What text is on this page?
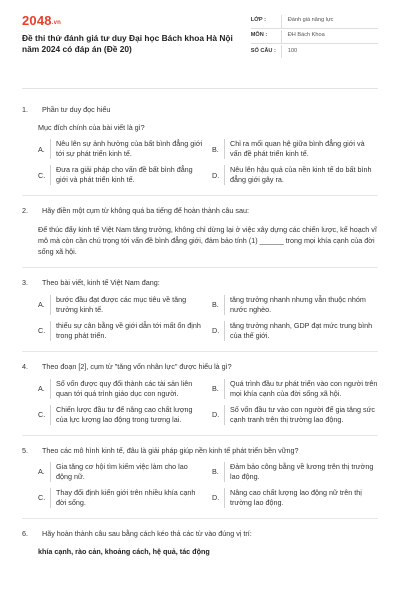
2048.vn
Đề thi thử đánh giá tư duy Đại học Bách khoa Hà Nội năm 2024 có đáp án (Đề 20)
LỚP :	Đánh giá năng lực
MÔN :	ĐH Bách Khoa
SỐ CÂU :	100
1.	Phần tư duy đọc hiểu
Mục đích chính của bài viết là gì?
A.
Nêu lên sự ảnh hưởng của bất bình đẳng giới tới sự phát triển kinh tế.
B.
Chỉ ra mối quan hệ giữa bình đẳng giới và vấn đề phát triển kinh tế.
C.
Đưa ra giải pháp cho vấn đề bất bình đẳng giới và phát triển kinh tế.
D.
Nêu lên hậu quả của nền kinh tế do bất bình đẳng giới gây ra.
2.	Hãy điền một cụm từ không quá ba tiếng để hoàn thành câu sau:
Để thúc đẩy kinh tế Việt Nam tăng trưởng, không chỉ dừng lại ở việc xây dựng các chiến lược, kế hoạch vĩ mô mà còn cần chú trọng tới vấn đề bình đẳng giới, đảm bảo tính (1) ______ trong mọi khía cạnh của đời sống xã hội.
3.	Theo bài viết, kinh tế Việt Nam đang:
A.
bước đầu đạt được các mục tiêu về tăng trưởng kinh tế.
B.
tăng trưởng nhanh nhưng vẫn thuộc nhóm nước nghèo.
C.
thiếu sự cân bằng về giới dẫn tới mất ổn định trong phát triển.
D.
tăng trưởng nhanh, GDP đạt mức trung bình của thế giới.
4.	Theo đoạn [2], cụm từ "tăng vốn nhân lực" được hiểu là gì?
A.
Số vốn được quy đổi thành các tài sản liên quan tới quá trình giáo dục con người.
B.
Quá trình đầu tư phát triển vào con người trên mọi khía cạnh của đời sống xã hội.
C.
Chiến lược đầu tư để nâng cao chất lượng của lực lượng lao động trong tương lai.
D.
Số vốn đầu tư vào con người để gia tăng sức cạnh tranh trên thị trường lao động.
5.	Theo các mô hình kinh tế, đâu là giải pháp giúp nền kinh tế phát triển bền vững?
A.
Gia tăng cơ hội tìm kiếm việc làm cho lao động nữ.
B.
Đảm bảo công bằng về lương trên thị trường lao động.
C.
Thay đổi định kiến giới trên nhiều khía cạnh đời sống.
D.
Nâng cao chất lượng lao động nữ trên thị trường lao động.
6.	Hãy hoàn thành câu sau bằng cách kéo thả các từ vào đúng vị trí:
khía cạnh, rào cản, khoảng cách, hệ quả, tác động
